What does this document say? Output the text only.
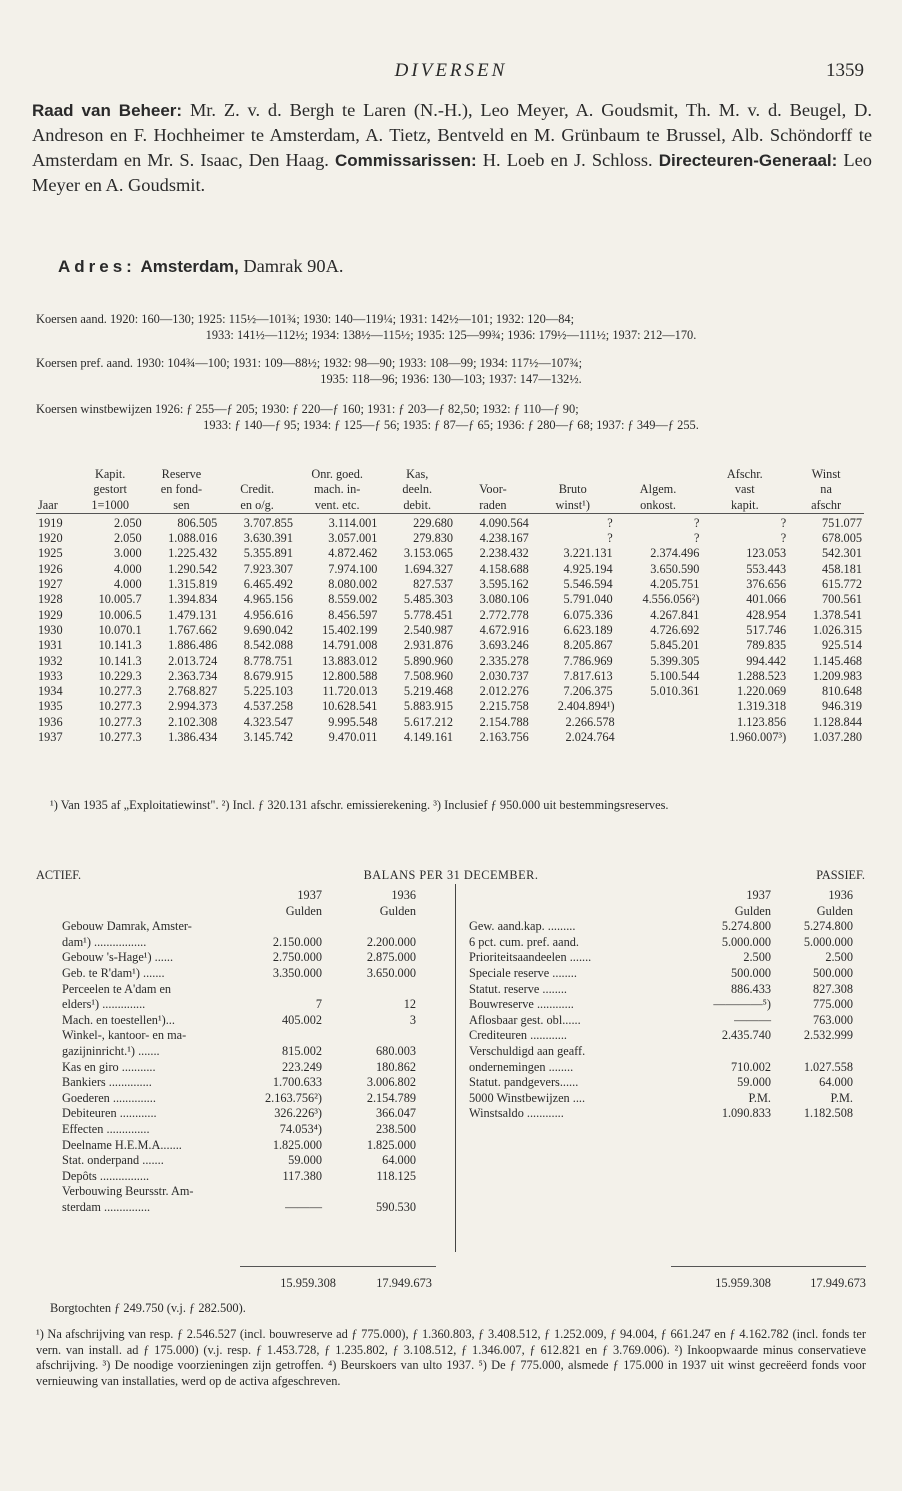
DIVERSEN	1359
Raad van Beheer: Mr. Z. v. d. Bergh te Laren (N.-H.), Leo Meyer, A. Goudsmit, Th. M. v. d. Beugel, D. Andreson en F. Hochheimer te Amsterdam, A. Tietz, Bentveld en M. Grünbaum te Brussel, Alb. Schöndorff te Amsterdam en Mr. S. Isaac, Den Haag. Commissarissen: H. Loeb en J. Schloss. Directeuren-Generaal: Leo Meyer en A. Goudsmit.
Adres: Amsterdam, Damrak 90A.
Koersen aand. 1920: 160—130; 1925: 115½—101¾; 1930: 140—119¼; 1931: 142½—101; 1932: 120—84;
1933: 141½—112½; 1934: 138½—115½; 1935: 125—99¾; 1936: 179½—111½; 1937: 212—170.
Koersen pref. aand. 1930: 104¾—100; 1931: 109—88½; 1932: 98—90; 1933: 108—99; 1934: 117½—107¾;
1935: 118—96; 1936: 130—103; 1937: 147—132½.
Koersen winstbewijzen 1926: ƒ 255—ƒ 205; 1930: ƒ 220—ƒ 160; 1931: ƒ 203—ƒ 82,50; 1932: ƒ 110—ƒ 90;
1933: ƒ 140—ƒ 95; 1934: ƒ 125—ƒ 56; 1935: ƒ 87—ƒ 65; 1936: ƒ 280—ƒ 68; 1937: ƒ 349—ƒ 255.
	Kapit.	Reserve		Onr. goed.	Kas,				Afschr.	Winst
	gestort	en fond-	Credit.	mach. in-	deeln.	Voor-	Bruto	Algem.	vast	na
Jaar	1=1000	sen	en o/g.	vent. etc.	debit.	raden	winst¹)	onkost.	kapit.	afschr
1919	2.050	806.505	3.707.855	3.114.001	229.680	4.090.564	?	?	?	751.077
1920	2.050	1.088.016	3.630.391	3.057.001	279.830	4.238.167	?	?	?	678.005
1925	3.000	1.225.432	5.355.891	4.872.462	3.153.065	2.238.432	3.221.131	2.374.496	123.053	542.301
1926	4.000	1.290.542	7.923.307	7.974.100	1.694.327	4.158.688	4.925.194	3.650.590	553.443	458.181
1927	4.000	1.315.819	6.465.492	8.080.002	827.537	3.595.162	5.546.594	4.205.751	376.656	615.772
1928	10.005.7	1.394.834	4.965.156	8.559.002	5.485.303	3.080.106	5.791.040	4.556.056²)	401.066	700.561
1929	10.006.5	1.479.131	4.956.616	8.456.597	5.778.451	2.772.778	6.075.336	4.267.841	428.954	1.378.541
1930	10.070.1	1.767.662	9.690.042	15.402.199	2.540.987	4.672.916	6.623.189	4.726.692	517.746	1.026.315
1931	10.141.3	1.886.486	8.542.088	14.791.008	2.931.876	3.693.246	8.205.867	5.845.201	789.835	925.514
1932	10.141.3	2.013.724	8.778.751	13.883.012	5.890.960	2.335.278	7.786.969	5.399.305	994.442	1.145.468
1933	10.229.3	2.363.734	8.679.915	12.800.588	7.508.960	2.030.737	7.817.613	5.100.544	1.288.523	1.209.983
1934	10.277.3	2.768.827	5.225.103	11.720.013	5.219.468	2.012.276	7.206.375	5.010.361	1.220.069	810.648
1935	10.277.3	2.994.373	4.537.258	10.628.541	5.883.915	2.215.758	2.404.894¹)		1.319.318	946.319
1936	10.277.3	2.102.308	4.323.547	9.995.548	5.617.212	2.154.788	2.266.578		1.123.856	1.128.844
1937	10.277.3	1.386.434	3.145.742	9.470.011	4.149.161	2.163.756	2.024.764		1.960.007³)	1.037.280
¹) Van 1935 af „Exploitatiewinst". ²) Incl. ƒ 320.131 afschr. emissierekening. ³) Inclusief ƒ 950.000 uit bestemmingsreserves.
BALANS PER 31 DECEMBER.
ACTIEF.	PASSIEF.
	1937	1936
	Gulden	Gulden
Gebouw Damrak, Amster-		
dam¹) .................	2.150.000	2.200.000
Gebouw 's-Hage¹) ......	2.750.000	2.875.000
Geb. te R'dam¹) .......	3.350.000	3.650.000
Perceelen te A'dam en		
elders¹) ..............	7	12
Mach. en toestellen¹)...	405.002	3
Winkel-, kantoor- en ma-		
gazijninricht.¹) .......	815.002	680.003
Kas en giro ...........	223.249	180.862
Bankiers ..............	1.700.633	3.006.802
Goederen ..............	2.163.756²)	2.154.789
Debiteuren ............	326.226³)	366.047
Effecten ..............	74.053⁴)	238.500
Deelname H.E.M.A.......	1.825.000	1.825.000
Stat. onderpand .......	59.000	64.000
Depôts ................	117.380	118.125
Verbouwing Beursstr. Am-		
sterdam ...............	———	590.530
	1937	1936
	Gulden	Gulden

Gew. aand.kap. .........	5.274.800	5.274.800
6 pct. cum. pref. aand.	5.000.000	5.000.000
Prioriteitsaandeelen .......	2.500	2.500
Speciale reserve ........	500.000	500.000
Statut. reserve ........	886.433	827.308
Bouwreserve ............	————⁵)	775.000
Aflosbaar gest. obl......	———	763.000
Crediteuren ............	2.435.740	2.532.999
Verschuldigd aan geaff.		
ondernemingen ........	710.002	1.027.558
Statut. pandgevers......	59.000	64.000
5000 Winstbewijzen ....	P.M.	P.M.
Winstsaldo ............	1.090.833	1.182.508
15.959.308	17.949.673	15.959.308	17.949.673
Borgtochten ƒ 249.750 (v.j. ƒ 282.500).
¹) Na afschrijving van resp. ƒ 2.546.527 (incl. bouwreserve ad ƒ 775.000), ƒ 1.360.803, ƒ 3.408.512, ƒ 1.252.009, ƒ 94.004, ƒ 661.247 en ƒ 4.162.782 (incl. fonds ter vern. van install. ad ƒ 175.000) (v.j. resp. ƒ 1.453.728, ƒ 1.235.802, ƒ 3.108.512, ƒ 1.346.007, ƒ 612.821 en ƒ 3.769.006). ²) Inkoopwaarde minus conservatieve afschrijving. ³) De noodige voorzieningen zijn getroffen. ⁴) Beurskoers van ulto 1937. ⁵) De ƒ 775.000, alsmede ƒ 175.000 in 1937 uit winst gecreëerd fonds voor vernieuwing van installaties, werd op de activa afgeschreven.
